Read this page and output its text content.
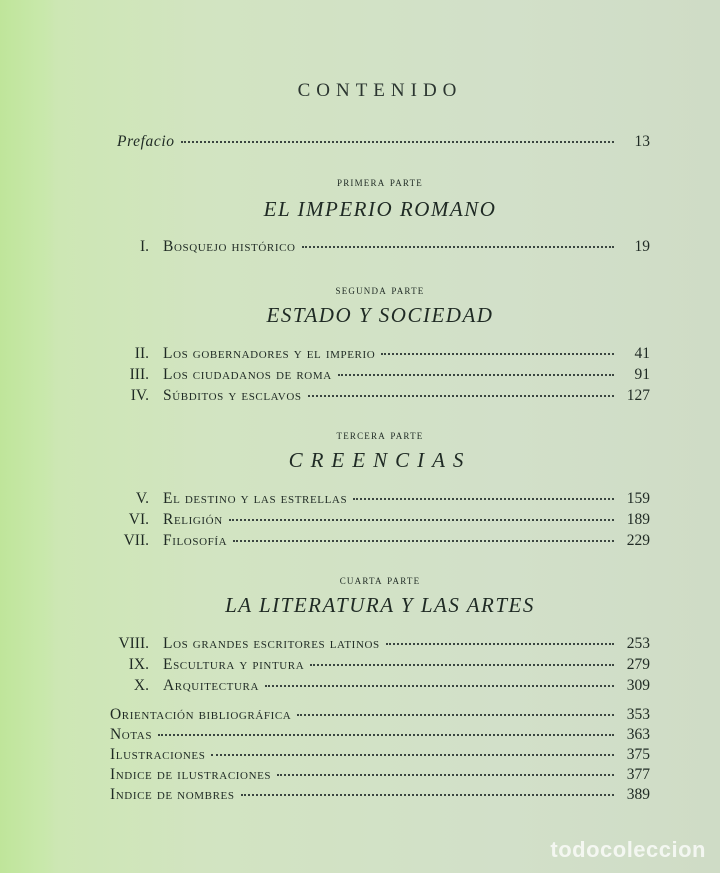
CONTENIDO
Prefacio	13
primera parte
EL IMPERIO ROMANO
I. Bosquejo histórico	19
segunda parte
ESTADO Y SOCIEDAD
II. Los gobernadores y el imperio	41
III. Los ciudadanos de roma	91
IV. Súbditos y esclavos	127
tercera parte
CREENCIAS
V. El destino y las estrellas	159
VI. Religión	189
VII. Filosofía	229
cuarta parte
LA LITERATURA Y LAS ARTES
VIII. Los grandes escritores latinos	253
IX. Escultura y pintura	279
X. Arquitectura	309
Orientación bibliográfica	353
Notas	363
Ilustraciones	375
Indice de ilustraciones	377
Indice de nombres	389
todocoleccion
